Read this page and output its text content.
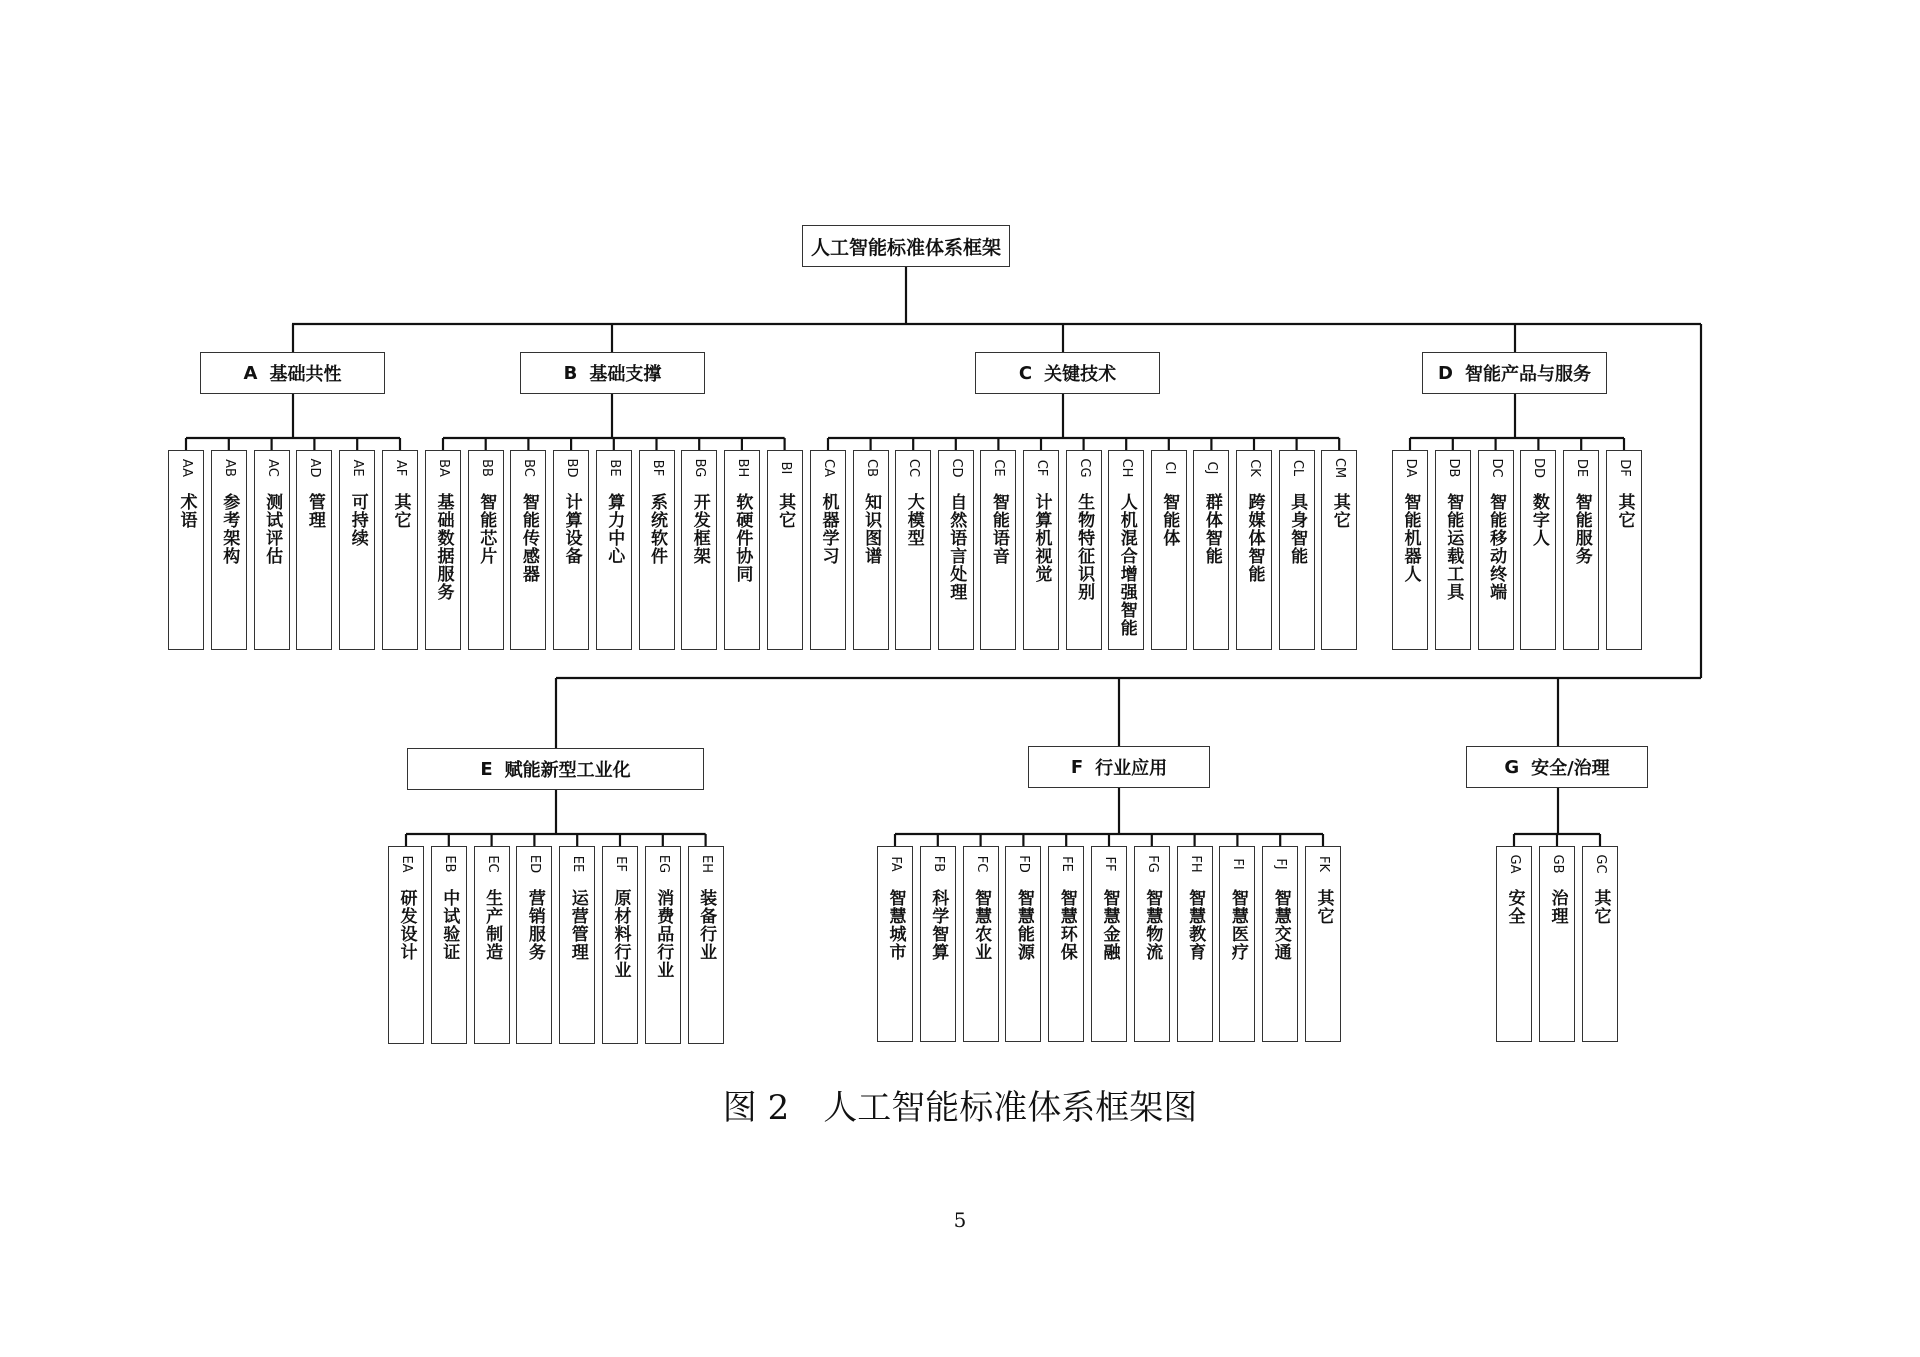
人工智能标准体系框架
A 基础共性
AA
术语
AB
参考架构
AC
测试评估
AD
管理
AE
可持续
AF
其它
B 基础支撑
BA
基础数据服务
BB
智能芯片
BC
智能传感器
BD
计算设备
BE
算力中心
BF
系统软件
BG
开发框架
BH
软硬件协同
BI
其它
C 关键技术
CA
机器学习
CB
知识图谱
CC
大模型
CD
自然语言处理
CE
智能语音
CF
计算机视觉
CG
生物特征识别
CH
人机混合增强智能
CI
智能体
CJ
群体智能
CK
跨媒体智能
CL
具身智能
CM
其它
D 智能产品与服务
DA
智能机器人
DB
智能运载工具
DC
智能移动终端
DD
数字人
DE
智能服务
DF
其它
E 赋能新型工业化
EA
研发设计
EB
中试验证
EC
生产制造
ED
营销服务
EE
运营管理
EF
原材料行业
EG
消费品行业
EH
装备行业
F 行业应用
FA
智慧城市
FB
科学智算
FC
智慧农业
FD
智慧能源
FE
智慧环保
FF
智慧金融
FG
智慧物流
FH
智慧教育
FI
智慧医疗
FJ
智慧交通
FK
其它
G 安全/治理
GA
安全
GB
治理
GC
其它
图 2 人工智能标准体系框架图
5
